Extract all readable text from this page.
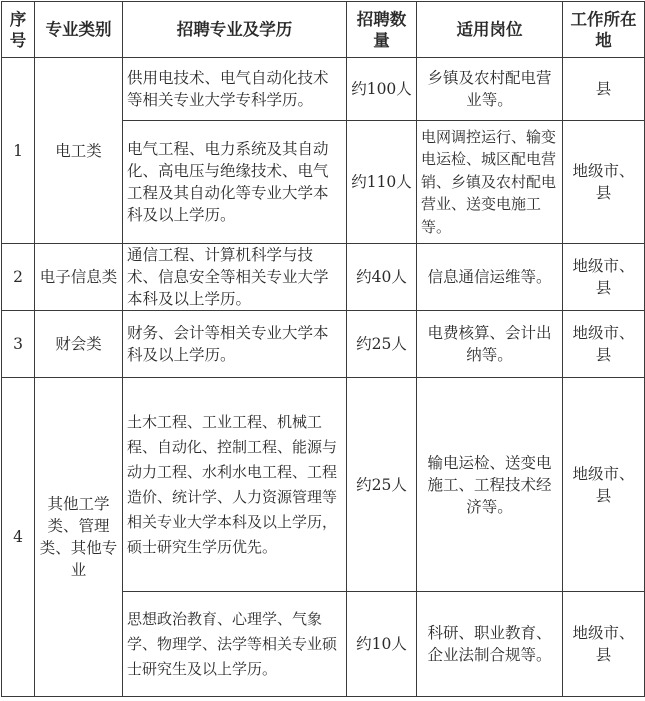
序号	专业类别	招聘专业及学历	招聘数量	适用岗位	工作所在地
1	电工类	供用电技术、电气自动化技术等相关专业大学专科学历。	约100人	乡镇及农村配电营业等。	县
		电气工程、电力系统及其自动化、高电压与绝缘技术、电气工程及其自动化等专业大学本科及以上学历。	约110人	电网调控运行、输变电运检、城区配电营销、乡镇及农村配电营业、送变电施工等。	地级市、县
2	电子信息类	通信工程、计算机科学与技术、信息安全等相关专业大学本科及以上学历。	约40人	信息通信运维等。	地级市、县
3	财会类	财务、会计等相关专业大学本科及以上学历。	约25人	电费核算、会计出纳等。	地级市、县
4	其他工学类、管理类、其他专业	土木工程、工业工程、机械工程、自动化、控制工程、能源与动力工程、水利水电工程、工程造价、统计学、人力资源管理等相关专业大学本科及以上学历，硕士研究生学历优先。	约25人	输电运检、送变电施工、工程技术经济等。	地级市、县
		思想政治教育、心理学、气象学、物理学、法学等相关专业硕士研究生及以上学历。	约10人	科研、职业教育、企业法制合规等。	地级市、县
